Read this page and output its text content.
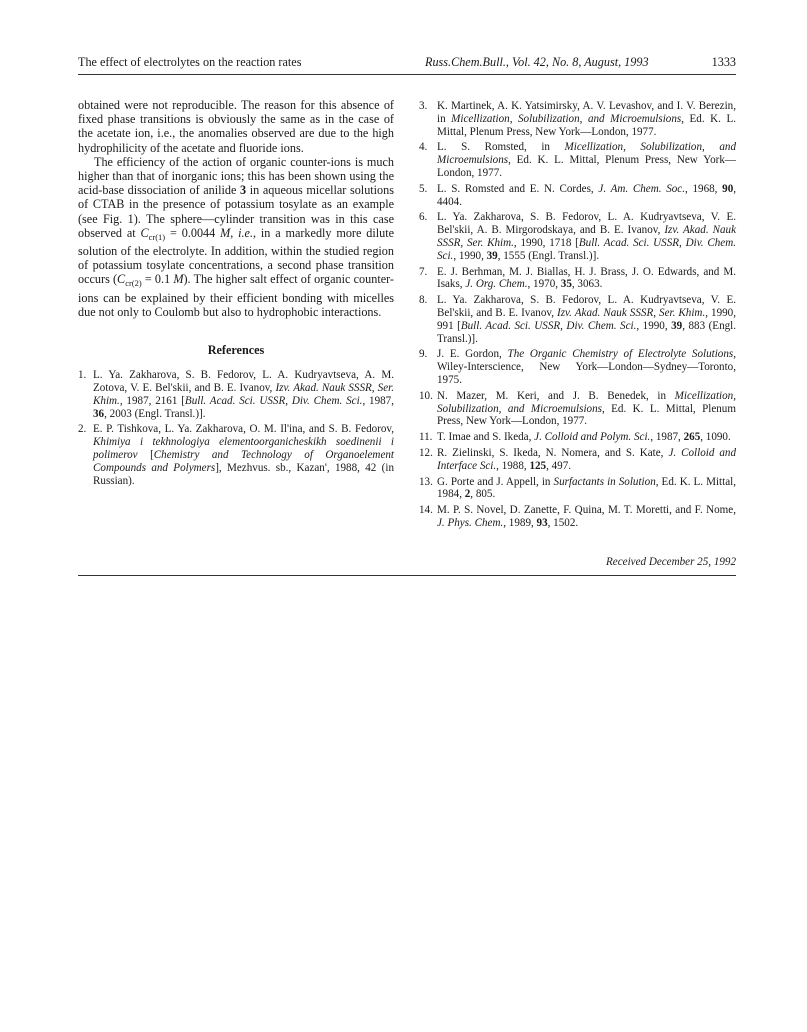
The effect of electrolytes on the reaction rates	Russ.Chem.Bull., Vol. 42, No. 8, August, 1993	1333

obtained were not reproducible. The reason for this absence of fixed phase transitions is obviously the same as in the case of the acetate ion, i.e., the anomalies observed are due to the high hydrophilicity of the acetate and fluoride ions.

The efficiency of the action of organic counter-ions is much higher than that of inorganic ions; this has been shown using the acid-base dissociation of anilide 3 in aqueous micellar solutions of CTAB in the presence of potassium tosylate as an example (see Fig. 1). The sphere—cylinder transition was in this case observed at $C_{cr(1)} = 0.0044$ M, i.e., in a markedly more dilute solution of the electrolyte. In addition, within the studied region of potassium tosylate concentrations, a second phase transition occurs ($C_{cr(2)} = 0.1$ M). The higher salt effect of organic counter-ions can be explained by their efficient bonding with micelles due not only to Coulomb but also to hydrophobic interactions.

References
1. L. Ya. Zakharova, S. B. Fedorov, L. A. Kudryavtseva, A. M. Zotova, V. E. Bel'skii, and B. E. Ivanov, Izv. Akad. Nauk SSSR, Ser. Khim., 1987, 2161 [Bull. Acad. Sci. USSR, Div. Chem. Sci., 1987, 36, 2003 (Engl. Transl.)].
2. E. P. Tishkova, L. Ya. Zakharova, O. M. Il'ina, and S. B. Fedorov, Khimiya i tekhnologiya elementoorganicheskikh soedinenii i polimerov [Chemistry and Technology of Organoelement Compounds and Polymers], Mezhvus. sb., Kazan', 1988, 42 (in Russian).
3. K. Martinek, A. K. Yatsimirsky, A. V. Levashov, and I. V. Berezin, in Micellization, Solubilization, and Microemulsions, Ed. K. L. Mittal, Plenum Press, New York—London, 1977.
4. L. S. Romsted, in Micellization, Solubilization, and Microemulsions, Ed. K. L. Mittal, Plenum Press, New York—London, 1977.
5. L. S. Romsted and E. N. Cordes, J. Am. Chem. Soc., 1968, 90, 4404.
6. L. Ya. Zakharova, S. B. Fedorov, L. A. Kudryavtseva, V. E. Bel'skii, A. B. Mirgorodskaya, and B. E. Ivanov, Izv. Akad. Nauk SSSR, Ser. Khim., 1990, 1718 [Bull. Acad. Sci. USSR, Div. Chem. Sci., 1990, 39, 1555 (Engl. Transl.)].
7. E. J. Berhman, M. J. Biallas, H. J. Brass, J. O. Edwards, and M. Isaks, J. Org. Chem., 1970, 35, 3063.
8. L. Ya. Zakharova, S. B. Fedorov, L. A. Kudryavtseva, V. E. Bel'skii, and B. E. Ivanov, Izv. Akad. Nauk SSSR, Ser. Khim., 1990, 991 [Bull. Acad. Sci. USSR, Div. Chem. Sci., 1990, 39, 883 (Engl. Transl.)].
9. J. E. Gordon, The Organic Chemistry of Electrolyte Solutions, Wiley-Interscience, New York—London—Sydney—Toronto, 1975.
10. N. Mazer, M. Keri, and J. B. Benedek, in Micellization, Solubilization, and Microemulsions, Ed. K. L. Mittal, Plenum Press, New York—London, 1977.
11. T. Imae and S. Ikeda, J. Colloid and Polym. Sci., 1987, 265, 1090.
12. R. Zielinski, S. Ikeda, N. Nomera, and S. Kate, J. Colloid and Interface Sci., 1988, 125, 497.
13. G. Porte and J. Appell, in Surfactants in Solution, Ed. K. L. Mittal, 1984, 2, 805.
14. M. P. S. Novel, D. Zanette, F. Quina, M. T. Moretti, and F. Nome, J. Phys. Chem., 1989, 93, 1502.
Received December 25, 1992
